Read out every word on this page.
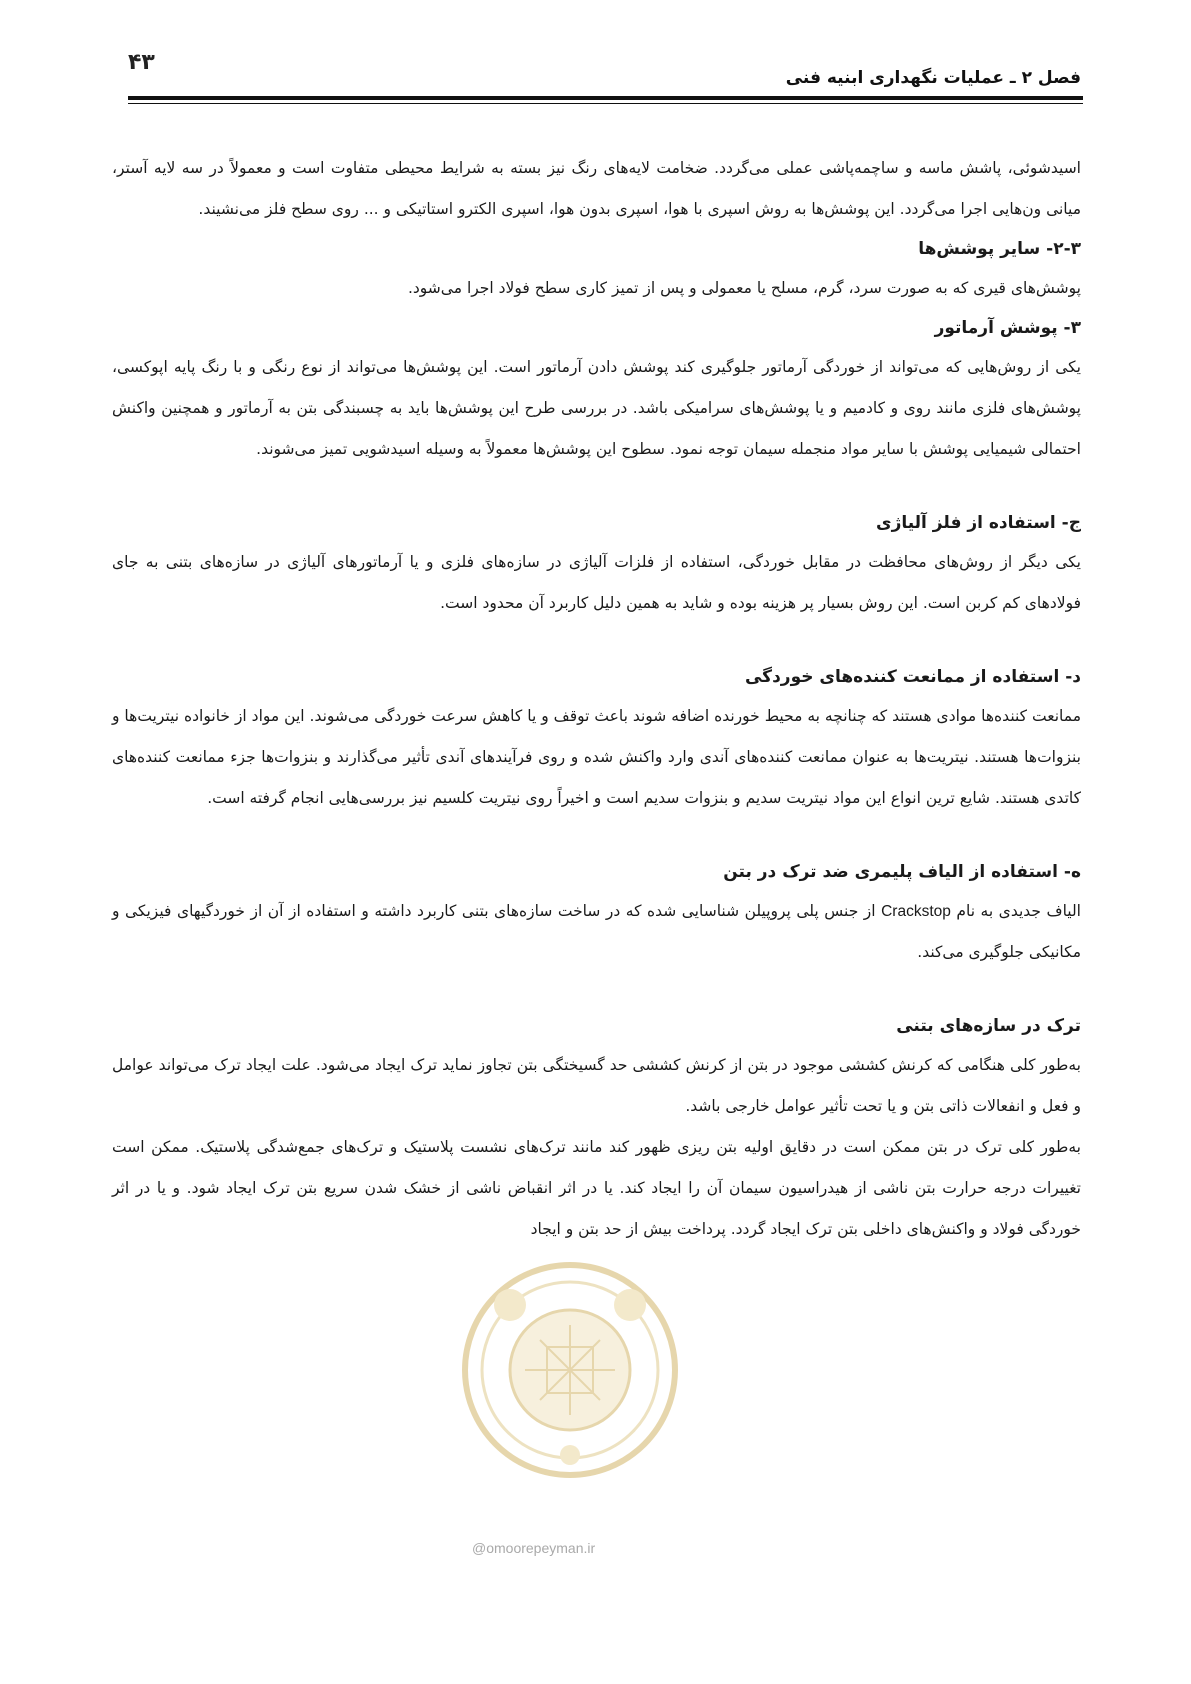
۴۳
فصل ۲ ـ عملیات نگهداری ابنیه فنی

اسیدشوئی، پاشش ماسه و ساچمه‌پاشی عملی می‌گردد. ضخامت لایه‌های رنگ نیز بسته به شرایط محیطی متفاوت است و معمولاً در سه لایه آستر، میانی ون‌هایی اجرا می‌گردد. این پوشش‌ها به روش اسپری با هوا، اسپری بدون هوا، اسپری الکترو استاتیکی و ... روی سطح فلز می‌نشیند.

۲-۳- سایر پوشش‌ها

پوشش‌های قیری که به صورت سرد، گرم، مسلح یا معمولی و پس از تمیز کاری سطح فولاد اجرا می‌شود.

۳- پوشش آرماتور

یکی از روش‌هایی که می‌تواند از خوردگی آرماتور جلوگیری کند پوشش دادن آرماتور است. این پوشش‌ها می‌تواند از نوع رنگی و با رنگ پایه اپوکسی، پوشش‌های فلزی مانند روی و کادمیم و یا پوشش‌های سرامیکی باشد. در بررسی طرح این پوشش‌ها باید به چسبندگی بتن به آرماتور و همچنین واکنش احتمالی شیمیایی پوشش با سایر مواد منجمله سیمان توجه نمود. سطوح این پوشش‌ها معمولاً به وسیله اسیدشویی تمیز می‌شوند.

ج- استفاده از فلز آلیاژی

یکی دیگر از روش‌های محافظت در مقابل خوردگی، استفاده از فلزات آلیاژی در سازه‌های فلزی و یا آرماتورهای آلیاژی در سازه‌های بتنی به جای فولادهای کم کربن است. این روش بسیار پر هزینه بوده و شاید به همین دلیل کاربرد آن محدود است.

د- استفاده از ممانعت کننده‌های خوردگی

ممانعت کننده‌ها موادی هستند که چنانچه به محیط خورنده اضافه شوند باعث توقف و یا کاهش سرعت خوردگی می‌شوند. این مواد از خانواده نیتریت‌ها و بنزوات‌ها هستند. نیتریت‌ها به عنوان ممانعت کننده‌های آندی وارد واکنش شده و روی فرآیندهای آندی تأثیر می‌گذارند و بنزوات‌ها جزء ممانعت کننده‌های کاتدی هستند. شایع ترین انواع این مواد نیتریت سدیم و بنزوات سدیم است و اخیراً روی نیتریت کلسیم نیز بررسی‌هایی انجام گرفته است.

ه- استفاده از الیاف پلیمری ضد ترک در بتن

الیاف جدیدی به نام Crackstop از جنس پلی پروپیلن شناسایی شده که در ساخت سازه‌های بتنی کاربرد داشته و استفاده از آن از خوردگیهای فیزیکی و مکانیکی جلوگیری می‌کند.

ترک در سازه‌های بتنی

به‌طور کلی هنگامی که کرنش کششی موجود در بتن از کرنش کششی حد گسیختگی بتن تجاوز نماید ترک ایجاد می‌شود. علت ایجاد ترک می‌تواند عوامل و فعل و انفعالات ذاتی بتن و یا تحت تأثیر عوامل خارجی باشد.

به‌طور کلی ترک در بتن ممکن است در دقایق اولیه بتن ریزی ظهور کند مانند ترک‌های نشست پلاستیک و ترک‌های جمع‌شدگی پلاستیک. ممکن است تغییرات درجه حرارت بتن ناشی از هیدراسیون سیمان آن را ایجاد کند. یا در اثر انقباض ناشی از خشک شدن سریع بتن ترک ایجاد شود. و یا در اثر خوردگی فولاد و واکنش‌های داخلی بتن ترک ایجاد گردد. پرداخت بیش از حد بتن و ایجاد

@omoorepeyman.ir
